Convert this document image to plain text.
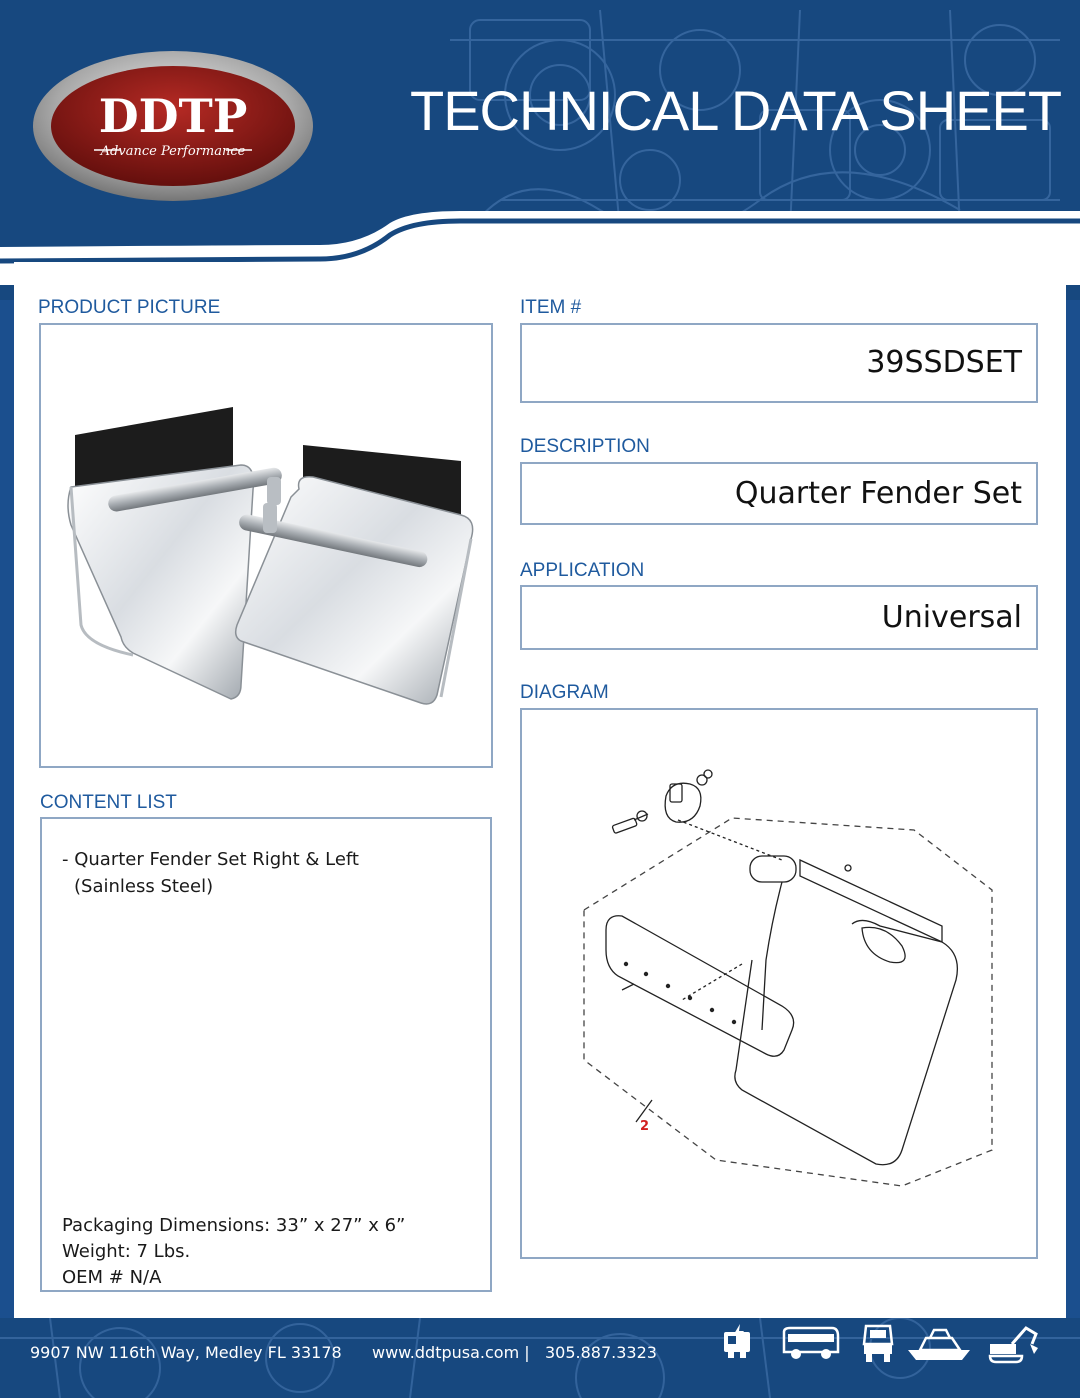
DDTP
Advance Performance
TECHNICAL DATA SHEET
PRODUCT PICTURE	ITEM #
39SSDSET
DESCRIPTION
Quarter Fender Set
APPLICATION
Universal
DIAGRAM
2
CONTENT LIST
- Quarter Fender Set Right & Left
(Sainless Steel)
Packaging Dimensions: 33” x 27” x 6”
Weight: 7 Lbs.
OEM # N/A
9907 NW 116th Way, Medley FL 33178 www.ddtpusa.com | 305.887.3323
